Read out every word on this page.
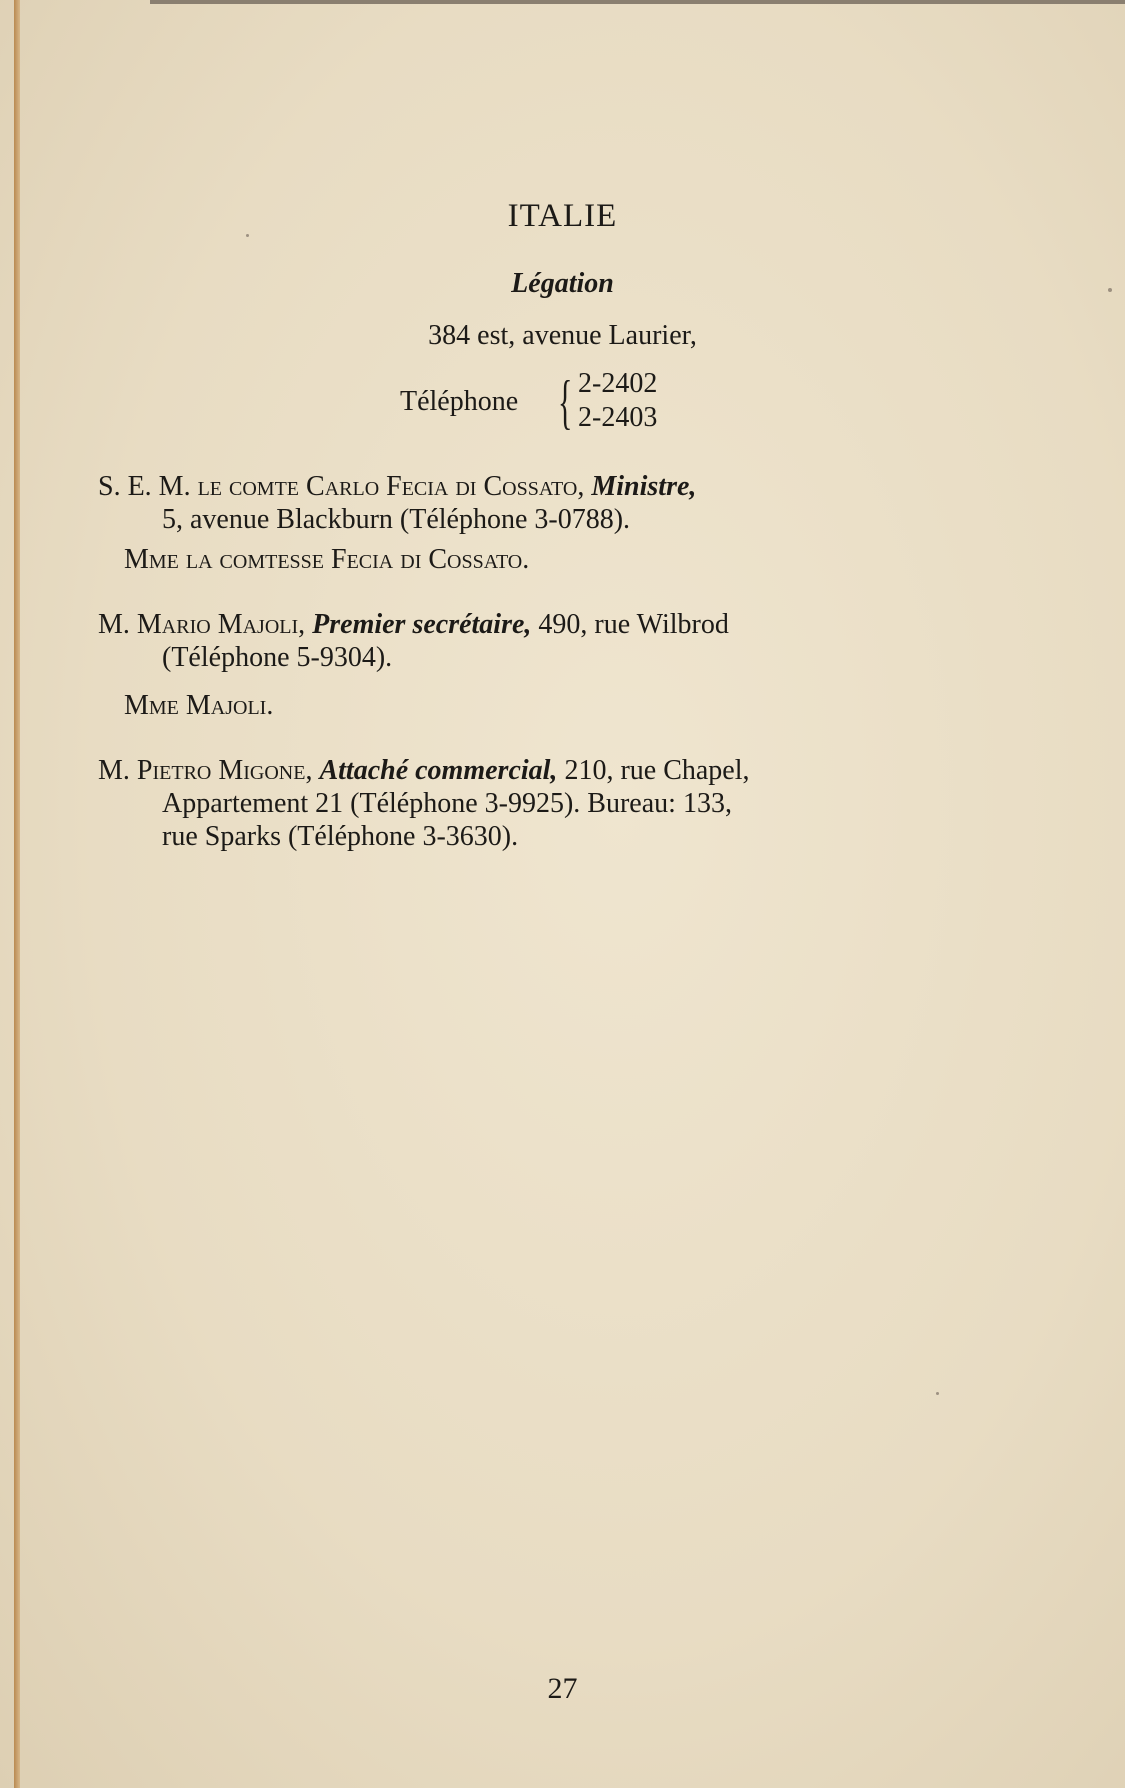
ITALIE
Légation
384 est, avenue Laurier,
Téléphone { 2-2402
2-2403
S. E. M. le comte Carlo Fecia di Cossato, Ministre,
5, avenue Blackburn (Téléphone 3-0788).
Mme la comtesse Fecia di Cossato.
M. Mario Majoli, Premier secrétaire, 490, rue Wilbrod
(Téléphone 5-9304).
Mme Majoli.
M. Pietro Migone, Attaché commercial, 210, rue Chapel,
Appartement 21 (Téléphone 3-9925). Bureau: 133,
rue Sparks (Téléphone 3-3630).
27
